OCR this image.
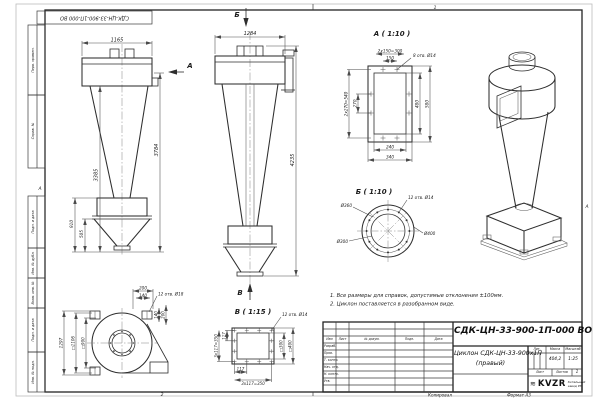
Перв. примен.
Справ. №
Подп. и дата
Инв. № дубл.
Взам. инв. №
Подп. и дата
Инв. № подл.
СДК-ЦН-33-900-1П-000 ВО
1
2
А
А
Копировал	Формат А3
1165
3385
3784
910
505
А
1284
4235
Б
В
А ( 1:10 )
8 отв. Ø14
2x150=300
150
270
2x270=540	480 580
240
340
Б ( 1:10 )
Ø360
Ø300
Ø400
12 отв. Ø14
В ( 1:15 )	12 отв. Ø14
117
3x117=350	□300 □400
117
3x117=350
200
140	12 отв. Ø18
140 200
1297 □1106 □900
1. Все размеры для справок, допустимые отклонения ±100мм.
2. Циклон поставляется в разобранном виде.
СДК-ЦН-33-900-1П-000 ВО
Циклон СДК-ЦН-33-900х1П
(правый)
Изм	Лист	№ докум.	Подп.	Дата
Разраб.
Пров.
Т. контр.
Нач. отд.
Н. контр.
Утв.
Лит.	Масса	Масштаб
404,2	1:25
Лист	Листов	1
≋ KVZR Котельный
завод РЗ
